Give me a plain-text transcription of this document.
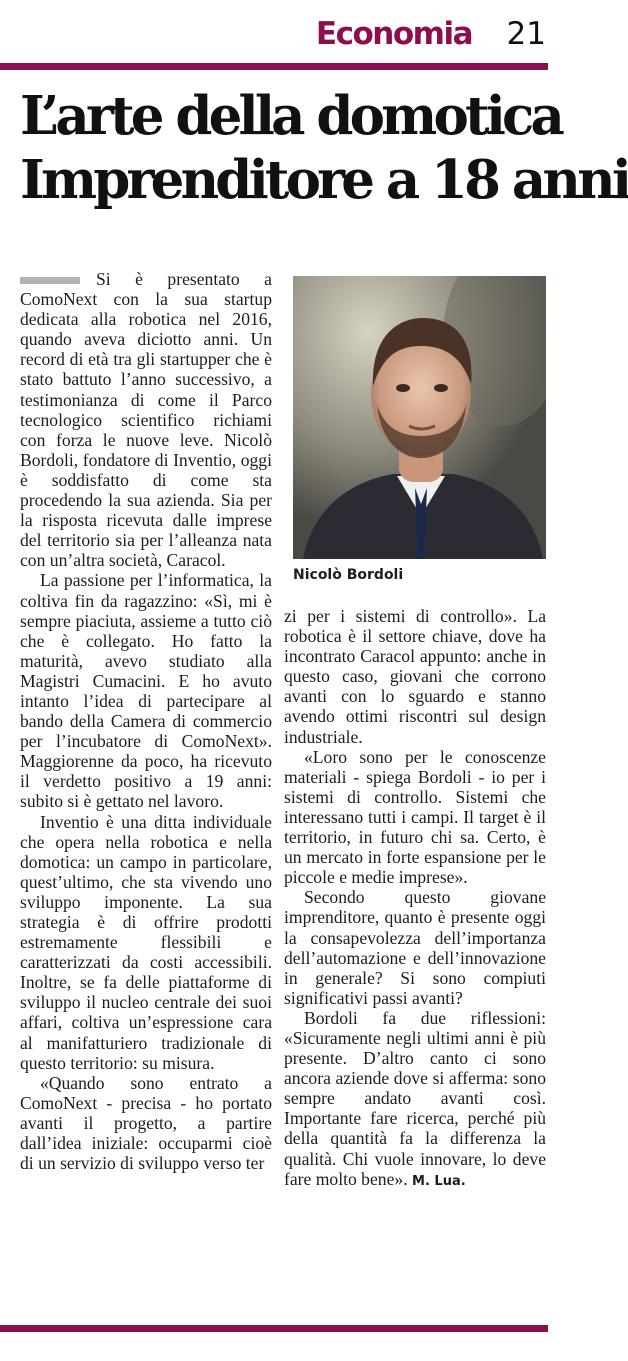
Economia 21
L’arte della domotica
Imprenditore a 18 anni
Nicolò Bordoli

Si è presentato a ComoNext con la sua startup dedicata alla robotica nel 2016, quando aveva diciotto anni. Un record di età tra gli startupper che è stato battuto l’anno successivo, a testimonianza di come il Parco tecnologico scientifico richiami con forza le nuove leve. Nicolò Bordoli, fondatore di Inventio, oggi è soddisfatto di come sta procedendo la sua azienda. Sia per la risposta ricevuta dalle imprese del territorio sia per l’alleanza nata con un’altra società, Caracol.

La passione per l’informatica, la coltiva fin da ragazzino: «Sì, mi è sempre piaciuta, assieme a tutto ciò che è collegato. Ho fatto la maturità, avevo studiato alla Magistri Cumacini. E ho avuto intanto l’idea di partecipare al bando della Camera di commercio per l’incubatore di ComoNext». Maggiorenne da poco, ha ricevuto il verdetto positivo a 19 anni: subito si è gettato nel lavoro.

Inventio è una ditta individuale che opera nella robotica e nella domotica: un campo in particolare, quest’ultimo, che sta vivendo uno sviluppo imponente. La sua strategia è di offrire prodotti estremamente flessibili e caratterizzati da costi accessibili. Inoltre, se fa delle piattaforme di sviluppo il nucleo centrale dei suoi affari, coltiva un’espressione cara al manifatturiero tradizionale di questo territorio: su misura.

«Quando sono entrato a ComoNext - precisa - ho portato avanti il progetto, a partire dall’idea iniziale: occuparmi cioè di un servizio di sviluppo verso ter

zi per i sistemi di controllo». La robotica è il settore chiave, dove ha incontrato Caracol appunto: anche in questo caso, giovani che corrono avanti con lo sguardo e stanno avendo ottimi riscontri sul design industriale.

«Loro sono per le conoscenze materiali - spiega Bordoli - io per i sistemi di controllo. Sistemi che interessano tutti i campi. Il target è il territorio, in futuro chi sa. Certo, è un mercato in forte espansione per le piccole e medie imprese».

Secondo questo giovane imprenditore, quanto è presente oggi la consapevolezza dell’importanza dell’automazione e dell’innovazione in generale? Si sono compiuti significativi passi avanti?

Bordoli fa due riflessioni: «Sicuramente negli ultimi anni è più presente. D’altro canto ci sono ancora aziende dove si afferma: sono sempre andato avanti così. Importante fare ricerca, perché più della quantità fa la differenza la qualità. Chi vuole innovare, lo deve fare molto bene». M. Lua.
